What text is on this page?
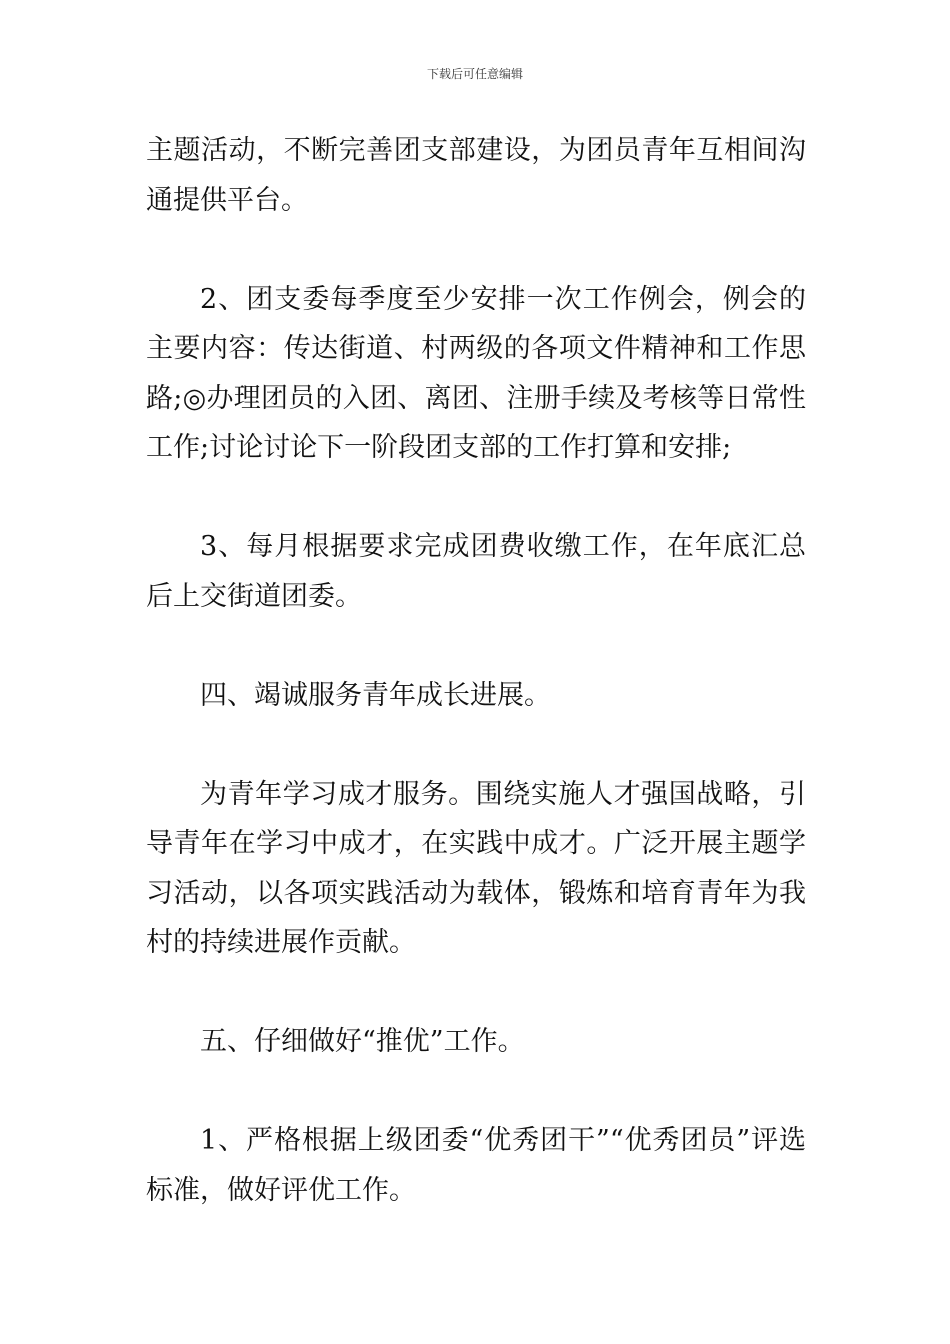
下载后可任意编辑

主题活动，不断完善团支部建设，为团员青年互相间沟通提供平台。

2、团支委每季度至少安排一次工作例会，例会的主要内容：传达街道、村两级的各项文件精神和工作思路;◎办理团员的入团、离团、注册手续及考核等日常性工作;讨论讨论下一阶段团支部的工作打算和安排;

3、每月根据要求完成团费收缴工作，在年底汇总后上交街道团委。

四、竭诚服务青年成长进展。

为青年学习成才服务。围绕实施人才强国战略，引导青年在学习中成才，在实践中成才。广泛开展主题学习活动，以各项实践活动为载体，锻炼和培育青年为我村的持续进展作贡献。

五、仔细做好“推优”工作。

1、严格根据上级团委“优秀团干”“优秀团员”评选标准，做好评优工作。
